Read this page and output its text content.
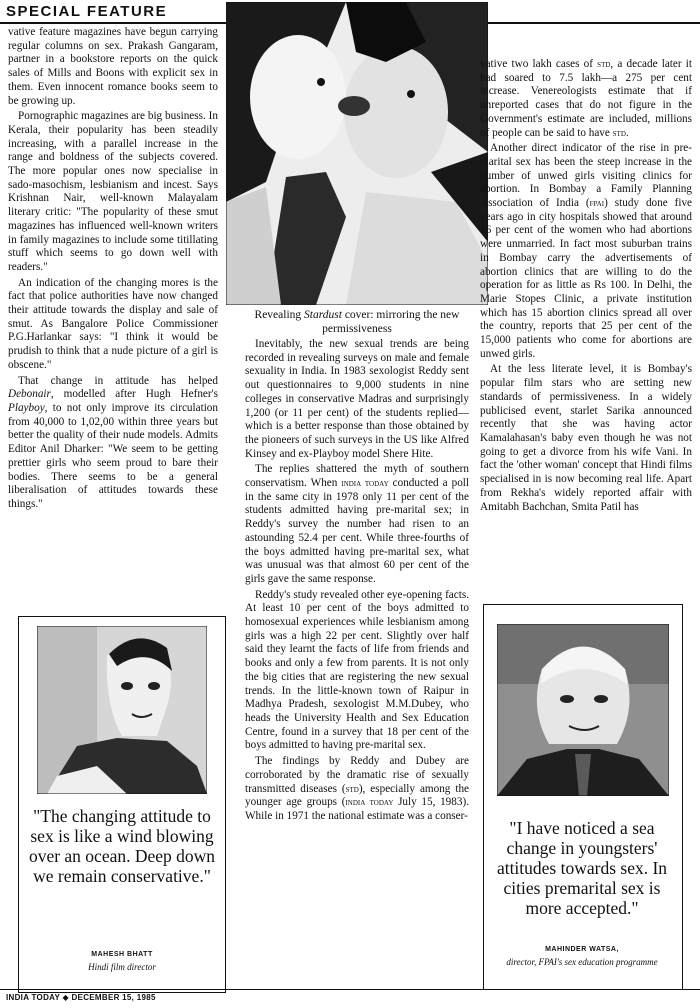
SPECIAL FEATURE
Revealing Stardust cover: mirroring the new permissiveness

vative feature magazines have begun carrying regular columns on sex. Prakash Gangaram, partner in a bookstore reports on the quick sales of Mills and Boons with explicit sex in them. Even innocent romance books seem to be growing up.

Pornographic magazines are big business. In Kerala, their popularity has been steadily increasing, with a parallel increase in the range and boldness of the subjects covered. The more popular ones now specialise in sado-masochism, lesbianism and incest. Says Krishnan Nair, well-known Malayalam literary critic: "The popularity of these smut magazines has influenced well-known writers in family magazines to include some titillating stuff which seems to go down well with readers."

An indication of the changing mores is the fact that police authorities have now changed their attitude towards the display and sale of smut. As Bangalore Police Commissioner P.G.Harlankar says: "I think it would be prudish to think that a nude picture of a girl is obscene."

That change in attitude has helped Debonair, modelled after Hugh Hefner's Playboy, to not only improve its circulation from 40,000 to 1,02,00 within three years but better the quality of their nude models. Admits Editor Anil Dharker: "We seem to be getting prettier girls who seem proud to bare their bodies. There seems to be a general liberalisation of attitudes towards these things."

Inevitably, the new sexual trends are being recorded in revealing surveys on male and female sexuality in India. In 1983 sexologist Reddy sent out questionnaires to 9,000 students in nine colleges in conservative Madras and surprisingly 1,200 (or 11 per cent) of the students replied—which is a better response than those obtained by the pioneers of such surveys in the US like Alfred Kinsey and ex-Playboy model Shere Hite.

The replies shattered the myth of southern conservatism. When india today conducted a poll in the same city in 1978 only 11 per cent of the students admitted having pre-marital sex; in Reddy's survey the number had risen to an astounding 52.4 per cent. While three-fourths of the boys admitted having pre-marital sex, what was unusual was that almost 60 per cent of the girls gave the same response.

Reddy's study revealed other eye-opening facts. At least 10 per cent of the boys admitted to homosexual experiences while lesbianism among girls was a high 22 per cent. Slightly over half said they learnt the facts of life from friends and books and only a few from parents. It is not only the big cities that are registering the new sexual trends. In the little-known town of Raipur in Madhya Pradesh, sexologist M.M.Dubey, who heads the University Health and Sex Education Centre, found in a survey that 18 per cent of the boys admitted to having pre-marital sex.

The findings by Reddy and Dubey are corroborated by the dramatic rise of sexually transmitted diseases (std), especially among the younger age groups (india today July 15, 1983). While in 1971 the national estimate was a conser-

vative two lakh cases of std, a decade later it had soared to 7.5 lakh—a 275 per cent increase. Venereologists estimate that if unreported cases that do not figure in the Government's estimate are included, millions of people can be said to have std.

Another direct indicator of the rise in pre-marital sex has been the steep increase in the number of unwed girls visiting clinics for abortion. In Bombay a Family Planning Association of India (fpai) study done five years ago in city hospitals showed that around 16 per cent of the women who had abortions were unmarried. In fact most suburban trains in Bombay carry the advertisements of abortion clinics that are willing to do the operation for as little as Rs 100. In Delhi, the Marie Stopes Clinic, a private institution which has 15 abortion clinics spread all over the country, reports that 25 per cent of the 15,000 patients who come for abortions are unwed girls.

At the less literate level, it is Bombay's popular film stars who are setting new standards of permissiveness. In a widely publicised event, starlet Sarika announced recently that she was having actor Kamalahasan's baby even though he was not going to get a divorce from his wife Vani. In fact the 'other woman' concept that Hindi films specialised in is now becoming real life. Apart from Rekha's widely reported affair with Amitabh Bachchan, Smita Patil has

"The changing attitude to sex is like a wind blowing over an ocean. Deep down we remain conservative."
MAHESH BHATT
Hindi film director
"I have noticed a sea change in youngsters' attitudes towards sex. In cities premarital sex is more accepted."
MAHINDER WATSA,
director, FPAI's sex education programme
INDIA TODAY ◆ DECEMBER 15, 1985
